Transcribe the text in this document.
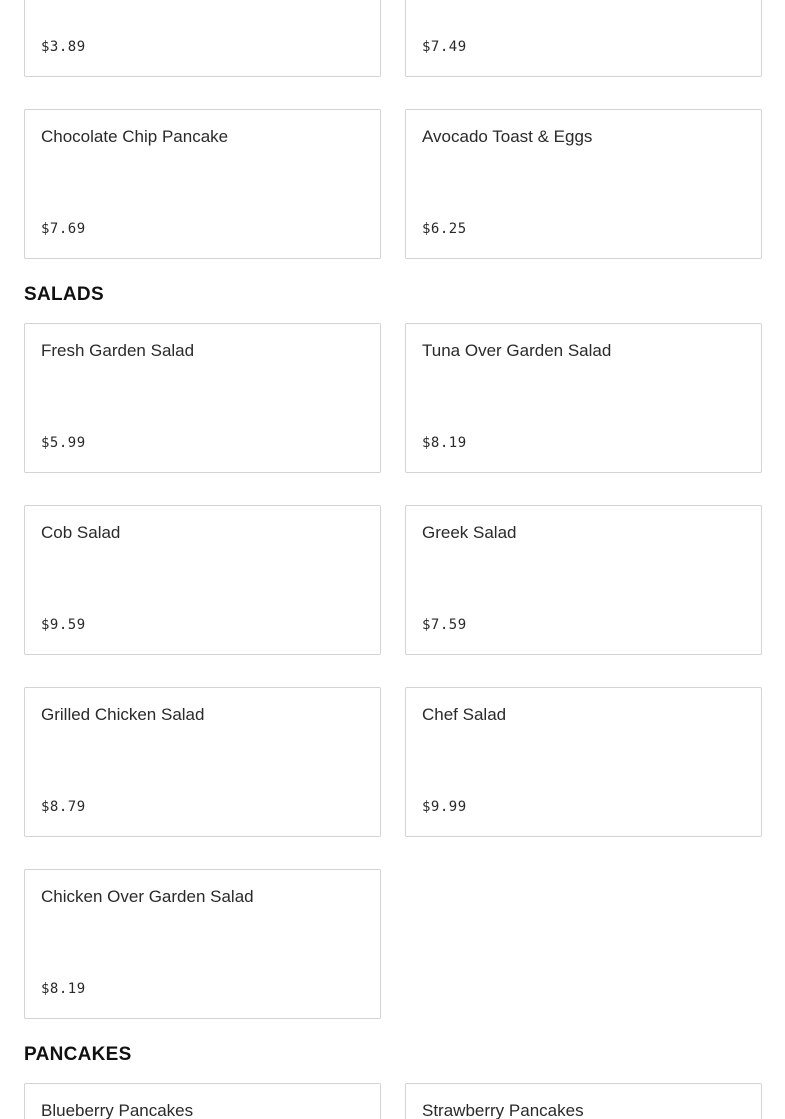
$3.89	$7.49
Chocolate Chip Pancake
$7.69
Avocado Toast & Eggs
$6.25
SALADS
Fresh Garden Salad
$5.99
Tuna Over Garden Salad
$8.19
Cob Salad
$9.59
Greek Salad
$7.59
Grilled Chicken Salad
$8.79
Chef Salad
$9.99
Chicken Over Garden Salad
$8.19
PANCAKES
Blueberry Pancakes	Strawberry Pancakes
